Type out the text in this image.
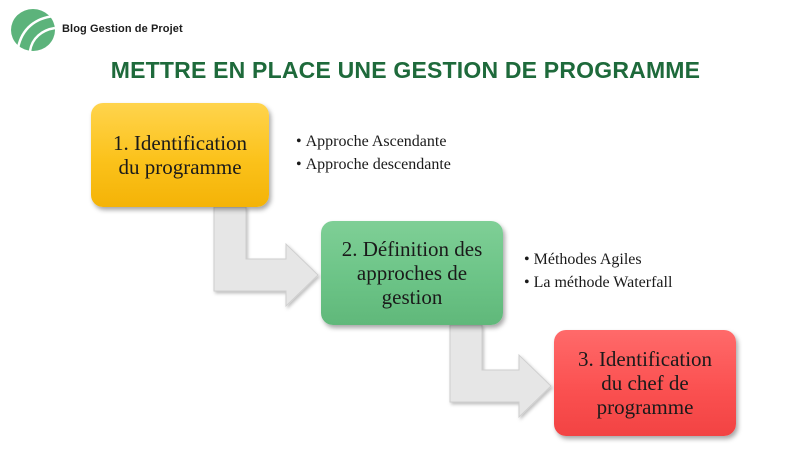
Blog Gestion de Projet
METTRE EN PLACE UNE GESTION DE PROGRAMME
1. Identification
du programme
2. Définition des
approches de
gestion
3. Identification
du chef de
programme
• Approche Ascendante
• Approche descendante
• Méthodes Agiles
• La méthode Waterfall
